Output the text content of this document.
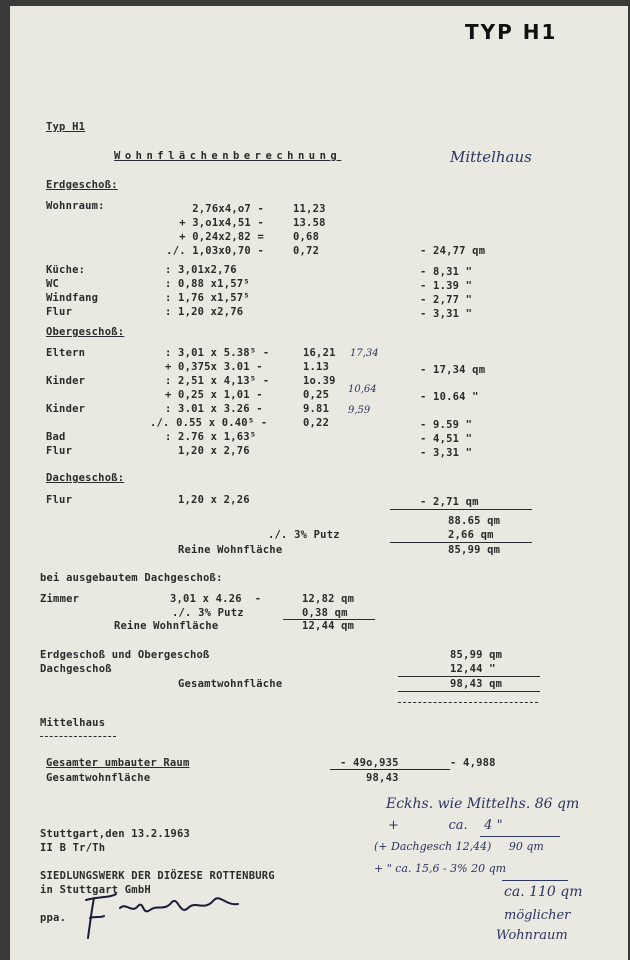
TYP H1
Typ H1
Wohnflächenberechnung	Mittelhaus
Erdgeschoß:
Wohnraum:	2,76x4,o7 -	11,23
+ 3,o1x4,51 -	13.58
+ 0,24x2,82 =	0,68
./. 1,03x0,70 -	0,72	- 24,77 qm
Küche:	: 3,01x2,76	- 8,31 "
WC	: 0,88 x1,57⁵	- 1.39 "
Windfang	: 1,76 x1,57⁵	- 2,77 "
Flur	: 1,20 x2,76	- 3,31 "
Obergeschoß:
Eltern	: 3,01 x 5.38⁵ -	16,21
+ 0,375x 3.01 -	1.13	- 17,34 qm
Kinder	: 2,51 x 4,13⁵ -	1o.39
+ 0,25 x 1,01 -	0,25	- 10.64 "
Kinder	: 3.01 x 3.26 -	9.81
./. 0.55 x 0.40⁵ -	0,22	- 9.59 "
Bad	: 2.76 x 1,63⁵	- 4,51 "
Flur	1,20 x 2,76	- 3,31 "
17,34
10,64
9,59
Dachgeschoß:
Flur	1,20 x 2,26	- 2,71 qm
88.65 qm
./. 3% Putz	2,66 qm
Reine Wohnfläche	85,99 qm
bei ausgebautem Dachgeschoß:
Zimmer	3,01 x 4.26  -	12,82 qm
./. 3% Putz	0,38 qm
Reine Wohnfläche	12,44 qm
Erdgeschoß und Obergeschoß	85,99 qm
Dachgeschoß	12,44 "
Gesamtwohnfläche	98,43 qm
Mittelhaus
Gesamter umbauter Raum	- 49o,935	- 4,988
Gesamtwohnfläche	98,43
Stuttgart,den 13.2.1963
II B Tr/Th
SIEDLUNGSWERK DER DIÖZESE ROTTENBURG
in Stuttgart GmbH
ppa.
Eckhs. wie Mittelhs. 86 qm
+            ca.    4 "
(+ Dachgesch 12,44)     90 qm
+ " ca. 15,6 - 3% 20 qm
ca. 110 qm
möglicher
Wohnraum
